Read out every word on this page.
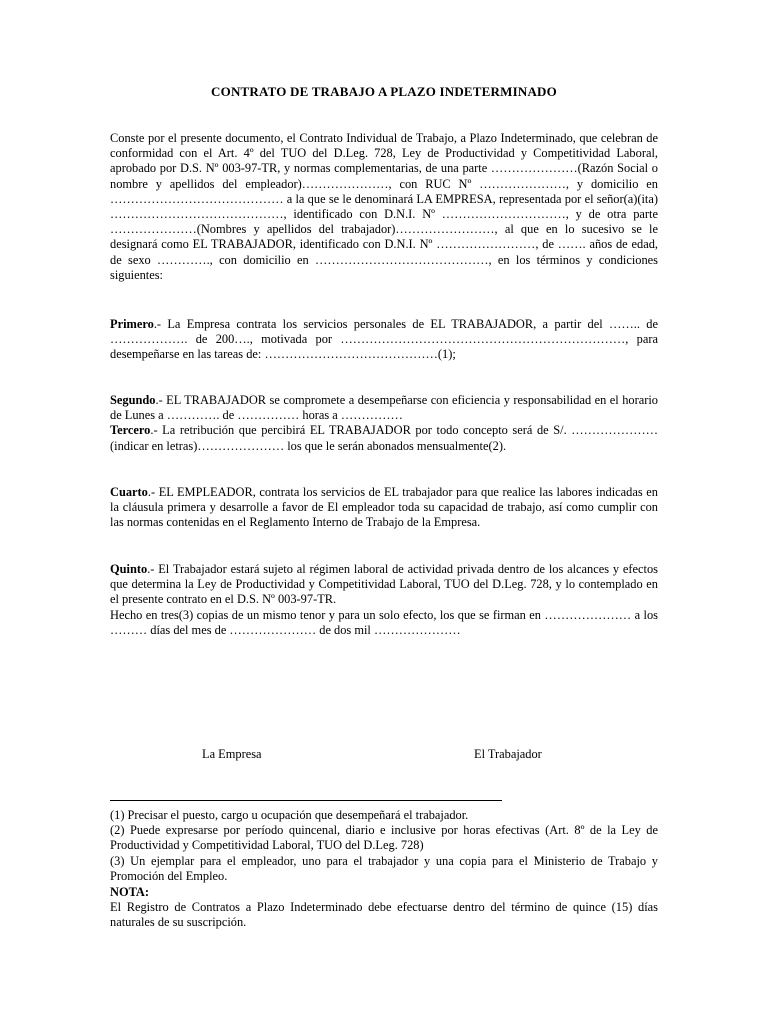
CONTRATO DE TRABAJO A PLAZO INDETERMINADO

Conste por el presente documento, el Contrato Individual de Trabajo, a Plazo Indeterminado, que celebran de conformidad con el Art. 4º del TUO del D.Leg. 728, Ley de Productividad y Competitividad Laboral, aprobado por D.S. Nº 003-97-TR, y normas complementarias, de una parte …………………(Razón Social o nombre y apellidos del empleador)…………………, con RUC Nº …………………, y domicilio en …………………………………… a la que se le denominará LA EMPRESA, representada por el señor(a)(ita) ……………………………………, identificado con D.N.I. Nº …………………………, y de otra parte …………………(Nombres y apellidos del trabajador)……………………, al que en lo sucesivo se le designará como EL TRABAJADOR, identificado con D.N.I. Nº ……………………, de ……. años de edad, de sexo …………., con domicilio en ……………………………………, en los términos y condiciones siguientes:

Primero.- La Empresa contrata los servicios personales de EL TRABAJADOR, a partir del …….. de ………………. de 200…., motivada por ……………………………………………………………, para desempeñarse en las tareas de: ……………………………………(1);

Segundo.- EL TRABAJADOR se compromete a desempeñarse con eficiencia y responsabilidad en el horario de Lunes a …………. de …………… horas a ……………
Tercero.- La retribución que percibirá EL TRABAJADOR por todo concepto será de S/. …………………(indicar en letras)………………… los que le serán abonados mensualmente(2).

Cuarto.- EL EMPLEADOR, contrata los servicios de EL trabajador para que realice las labores indicadas en la cláusula primera y desarrolle a favor de El empleador toda su capacidad de trabajo, así como cumplir con las normas contenidas en el Reglamento Interno de Trabajo de la Empresa.

Quinto.- El Trabajador estará sujeto al régimen laboral de actividad privada dentro de los alcances y efectos que determina la Ley de Productividad y Competitividad Laboral, TUO del D.Leg. 728, y lo contemplado en el presente contrato en el D.S. Nº 003-97-TR.
Hecho en tres(3) copias de un mismo tenor y para un solo efecto, los que se firman en ………………… a los ……… días del mes de ………………… de dos mil …………………
La Empresa	El Trabajador

(1) Precisar el puesto, cargo u ocupación que desempeñará el trabajador.

(2) Puede expresarse por período quincenal, diario e inclusive por horas efectivas (Art. 8º de la Ley de Productividad y Competitividad Laboral, TUO del D.Leg. 728)

(3) Un ejemplar para el empleador, uno para el trabajador y una copia para el Ministerio de Trabajo y Promoción del Empleo.

NOTA:

El Registro de Contratos a Plazo Indeterminado debe efectuarse dentro del término de quince (15) días naturales de su suscripción.
